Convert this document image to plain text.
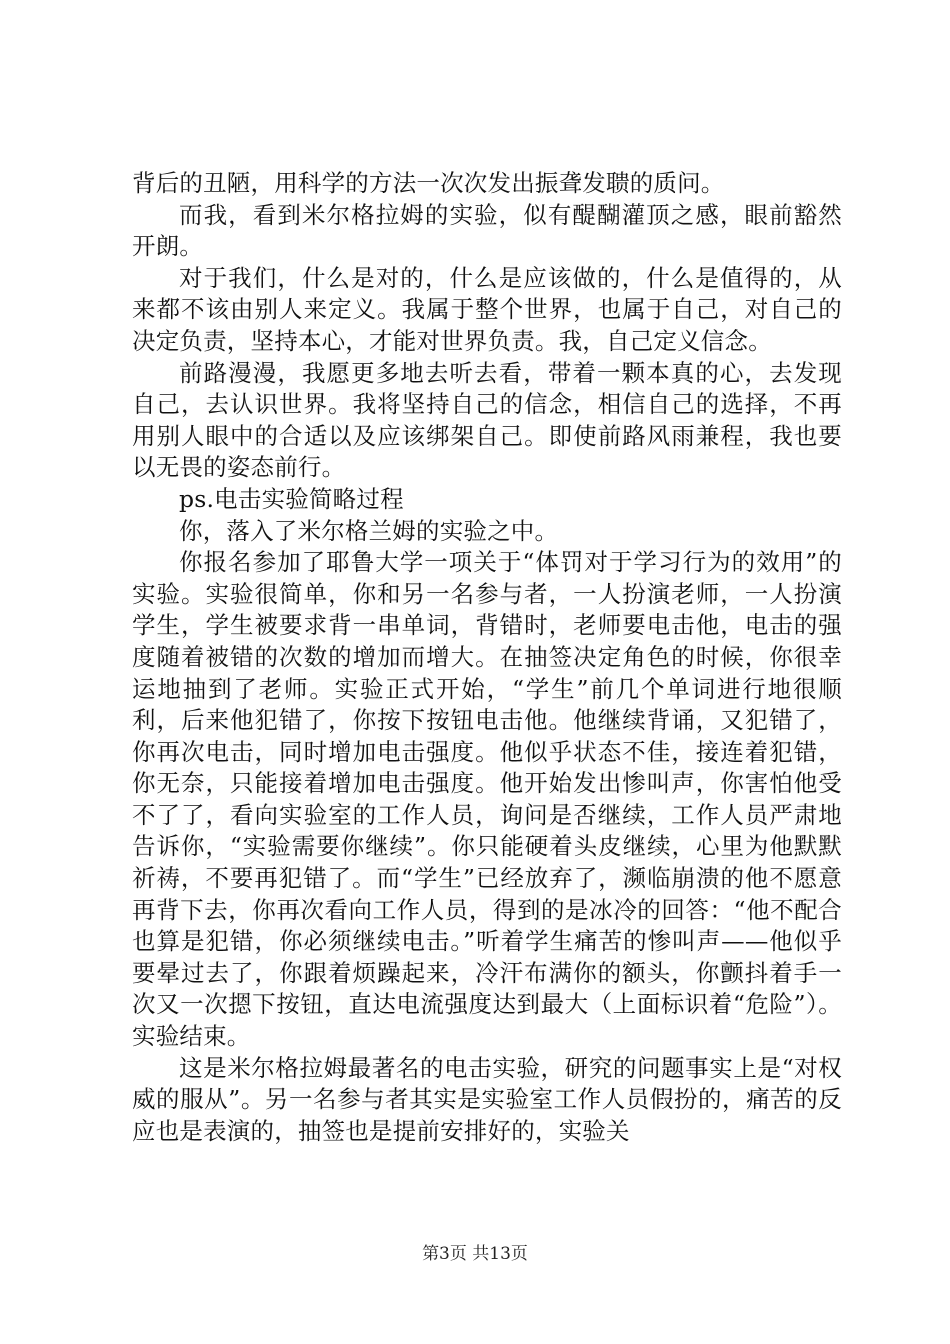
背后的丑陋，用科学的方法一次次发出振聋发聩的质问。

而我，看到米尔格拉姆的实验，似有醍醐灌顶之感，眼前豁然开朗。

对于我们，什么是对的，什么是应该做的，什么是值得的，从来都不该由别人来定义。我属于整个世界，也属于自己，对自己的决定负责，坚持本心，才能对世界负责。我，自己定义信念。

前路漫漫，我愿更多地去听去看，带着一颗本真的心，去发现自己，去认识世界。我将坚持自己的信念，相信自己的选择，不再用别人眼中的合适以及应该绑架自己。即使前路风雨兼程，我也要以无畏的姿态前行。

ps.电击实验简略过程

你，落入了米尔格兰姆的实验之中。

你报名参加了耶鲁大学一项关于“体罚对于学习行为的效用”的实验。实验很简单，你和另一名参与者，一人扮演老师，一人扮演学生，学生被要求背一串单词，背错时，老师要电击他，电击的强度随着被错的次数的增加而增大。在抽签决定角色的时候，你很幸运地抽到了老师。实验正式开始，“学生”前几个单词进行地很顺利，后来他犯错了，你按下按钮电击他。他继续背诵，又犯错了，你再次电击，同时增加电击强度。他似乎状态不佳，接连着犯错，你无奈，只能接着增加电击强度。他开始发出惨叫声，你害怕他受不了了，看向实验室的工作人员，询问是否继续，工作人员严肃地告诉你，“实验需要你继续”。你只能硬着头皮继续，心里为他默默祈祷，不要再犯错了。而“学生”已经放弃了，濒临崩溃的他不愿意再背下去，你再次看向工作人员，得到的是冰冷的回答：“他不配合也算是犯错，你必须继续电击。”听着学生痛苦的惨叫声——他似乎要晕过去了，你跟着烦躁起来，冷汗布满你的额头，你颤抖着手一次又一次摁下按钮，直达电流强度达到最大（上面标识着“危险”）。实验结束。

这是米尔格拉姆最著名的电击实验，研究的问题事实上是“对权威的服从”。另一名参与者其实是实验室工作人员假扮的，痛苦的反应也是表演的，抽签也是提前安排好的，实验关

第3页 共13页
